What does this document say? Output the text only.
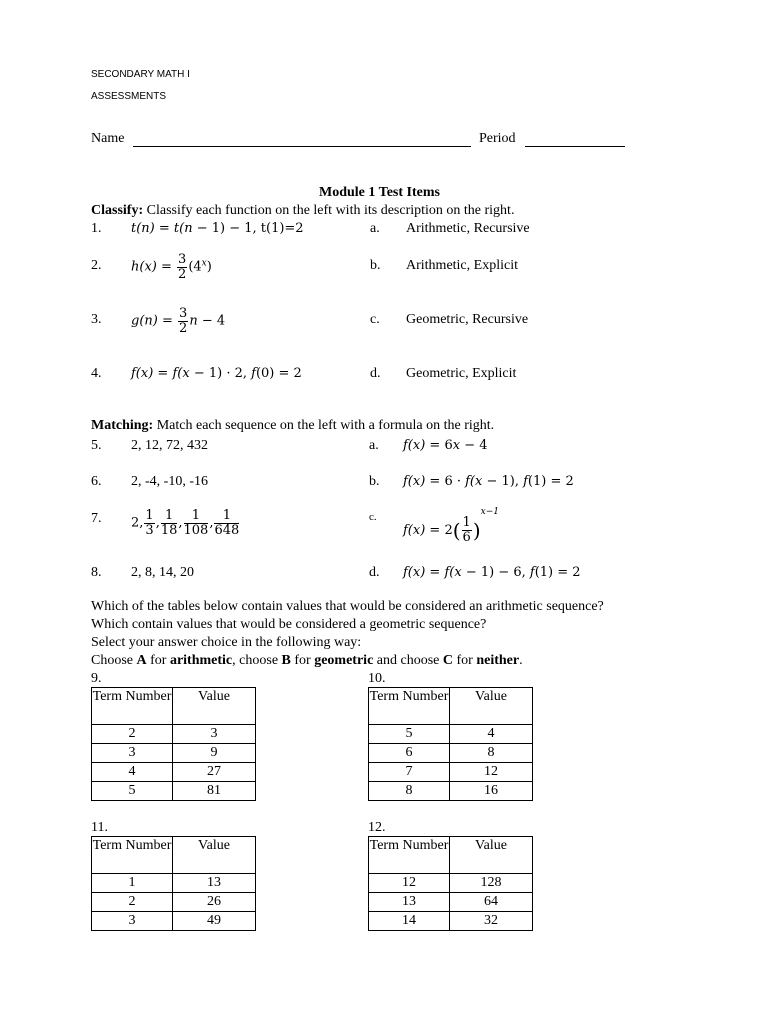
SECONDARY MATH I
ASSESSMENTS
Name	Period
Module 1 Test Items
Classify: Classify each function on the left with its description on the right.
1. t(n) = t(n − 1) − 1, t(1)=2
2. $h(x) = \frac{3}{2} (4^x)$
3. $g(n) = \frac{3}{2}$ n − 4
4. f(x) = f(x − 1) · 2, f(0) = 2
a. Arithmetic, Recursive
b. Arithmetic, Explicit
c. Geometric, Recursive
d. Geometric, Explicit
Matching: Match each sequence on the left with a formula on the right.
5. 2, 12, 72, 432
6. 2, -4, -10, -16
7. 2, $\frac{1}{3}$ , $\frac{1}{18}$ , $\frac{1}{108}$ , $\frac{1}{648}$
8. 2, 8, 14, 20
a. f(x) = 6x − 4
b. f(x) = 6 · f(x − 1), f(1) = 2
c.
$f(x) = 2( \frac{1}{6} )^{x-1}$
d. f(x) = f(x − 1) − 6, f(1) = 2
Which of the tables below contain values that would be considered an arithmetic sequence?
Which contain values that would be considered a geometric sequence?
Select your answer choice in the following way:
Choose A for arithmetic, choose B for geometric and choose C for neither.
9.	10.
11.	12.
Term Number	Value
2	3
3	9
4	27
5	81
Term Number	Value
5	4
6	8
7	12
8	16
Term Number	Value
1	13
2	26
3	49
Term Number	Value
12	128
13	64
14	32
